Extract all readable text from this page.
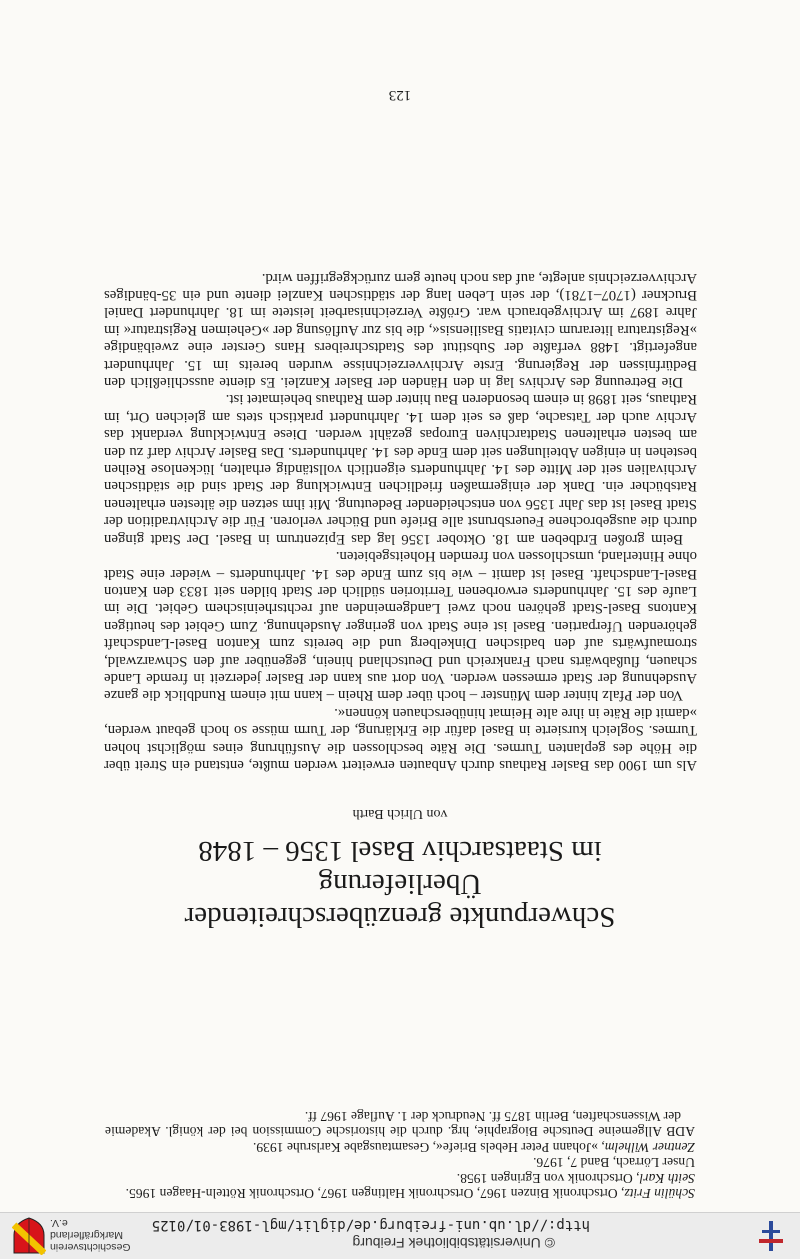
© Universitätsbibliothek Freiburg
http://dl.ub.uni-freiburg.de/diglit/mgl-1983-01/0125
Geschichtsverein
Markgräflerland e.V.

Schülin Fritz, Ortschronik Binzen 1967, Ortschronik Haltingen 1967, Ortschronik Rötteln-Haagen 1965.

Seith Karl, Ortschronik von Egringen 1958.

Unser Lörrach, Band 7, 1976.

Zentner Wilhelm, »Johann Peter Hebels Briefe«, Gesamtausgabe Karlsruhe 1939.

ADB Allgemeine Deutsche Biographie, hrg. durch die historische Commission bei der königl. Akademie der Wissenschaften, Berlin 1875 ff. Neudruck der 1. Auflage 1967 ff.

Schwerpunkte grenzüberschreitender Überlieferung
im Staatsarchiv Basel 1356 – 1848
von Ulrich Barth

Als um 1900 das Basler Rathaus durch Anbauten erweitert werden mußte, entstand ein Streit über die Höhe des geplanten Turmes. Die Räte beschlossen die Ausführung eines möglichst hohen Turmes. Sogleich kursierte in Basel dafür die Erklärung, der Turm müsse so hoch gebaut werden, »damit die Räte in ihre alte Heimat hinüberschauen können«.

Von der Pfalz hinter dem Münster – hoch über dem Rhein – kann mit einem Rundblick die ganze Ausdehnung der Stadt ermessen werden. Von dort aus kann der Basler jederzeit in fremde Lande schauen, flußabwärts nach Frankreich und Deutschland hinein, gegenüber auf den Schwarzwald, stromaufwärts auf den badischen Dinkelberg und die bereits zum Kanton Basel-Landschaft gehörenden Uferpartien. Basel ist eine Stadt von geringer Ausdehnung. Zum Gebiet des heutigen Kantons Basel-Stadt gehören noch zwei Landgemeinden auf rechtsrheinischem Gebiet. Die im Laufe des 15. Jahrhunderts erworbenen Territorien südlich der Stadt bilden seit 1833 den Kanton Basel-Landschaft. Basel ist damit – wie bis zum Ende des 14. Jahrhunderts – wieder eine Stadt ohne Hinterland, umschlossen von fremden Hoheitsgebieten.

Beim großen Erdbeben am 18. Oktober 1356 lag das Epizentrum in Basel. Der Stadt gingen durch die ausgebrochene Feuersbrunst alle Briefe und Bücher verloren. Für die Archivtradition der Stadt Basel ist das Jahr 1356 von entscheidender Bedeutung. Mit ihm setzen die ältesten erhaltenen Ratsbücher ein. Dank der einigermaßen friedlichen Entwicklung der Stadt sind die städtischen Archivalien seit der Mitte des 14. Jahrhunderts eigentlich vollständig erhalten, lückenlose Reihen bestehen in einigen Abteilungen seit dem Ende des 14. Jahrhunderts. Das Basler Archiv darf zu den am besten erhaltenen Stadtarchiven Europas gezählt werden. Diese Entwicklung verdankt das Archiv auch der Tatsache, daß es seit dem 14. Jahrhundert praktisch stets am gleichen Ort, im Rathaus, seit 1898 in einem besonderen Bau hinter dem Rathaus beheimatet ist.

Die Betreuung des Archivs lag in den Händen der Basler Kanzlei. Es diente ausschließlich den Bedürfnissen der Regierung. Erste Archivverzeichnisse wurden bereits im 15. Jahrhundert angefertigt. 1488 verfaßte der Substitut des Stadtschreibers Hans Gerster eine zweibändige »Registratura literarum civitatis Basiliensis«, die bis zur Auflösung der »Geheimen Registratur« im Jahre 1897 im Archivgebrauch war. Größte Verzeichnisarbeit leistete im 18. Jahrhundert Daniel Bruckner (1707–1781), der sein Leben lang der städtischen Kanzlei diente und ein 35-bändiges Archivverzeichnis anlegte, auf das noch heute gern zurückgegriffen wird.

123
